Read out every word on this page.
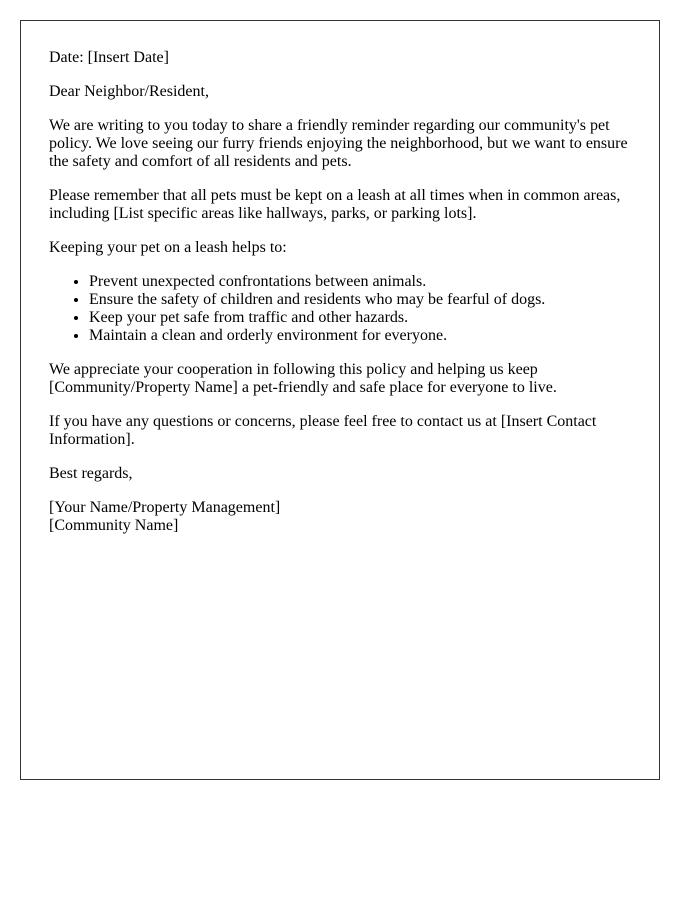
Date: [Insert Date]

Dear Neighbor/Resident,

We are writing to you today to share a friendly reminder regarding our community's pet policy. We love seeing our furry friends enjoying the neighborhood, but we want to ensure the safety and comfort of all residents and pets.

Please remember that all pets must be kept on a leash at all times when in common areas, including [List specific areas like hallways, parks, or parking lots].

Keeping your pet on a leash helps to:

• Prevent unexpected confrontations between animals.
• Ensure the safety of children and residents who may be fearful of dogs.
• Keep your pet safe from traffic and other hazards.
• Maintain a clean and orderly environment for everyone.

We appreciate your cooperation in following this policy and helping us keep [Community/Property Name] a pet-friendly and safe place for everyone to live.

If you have any questions or concerns, please feel free to contact us at [Insert Contact Information].

Best regards,

[Your Name/Property Management]
[Community Name]
